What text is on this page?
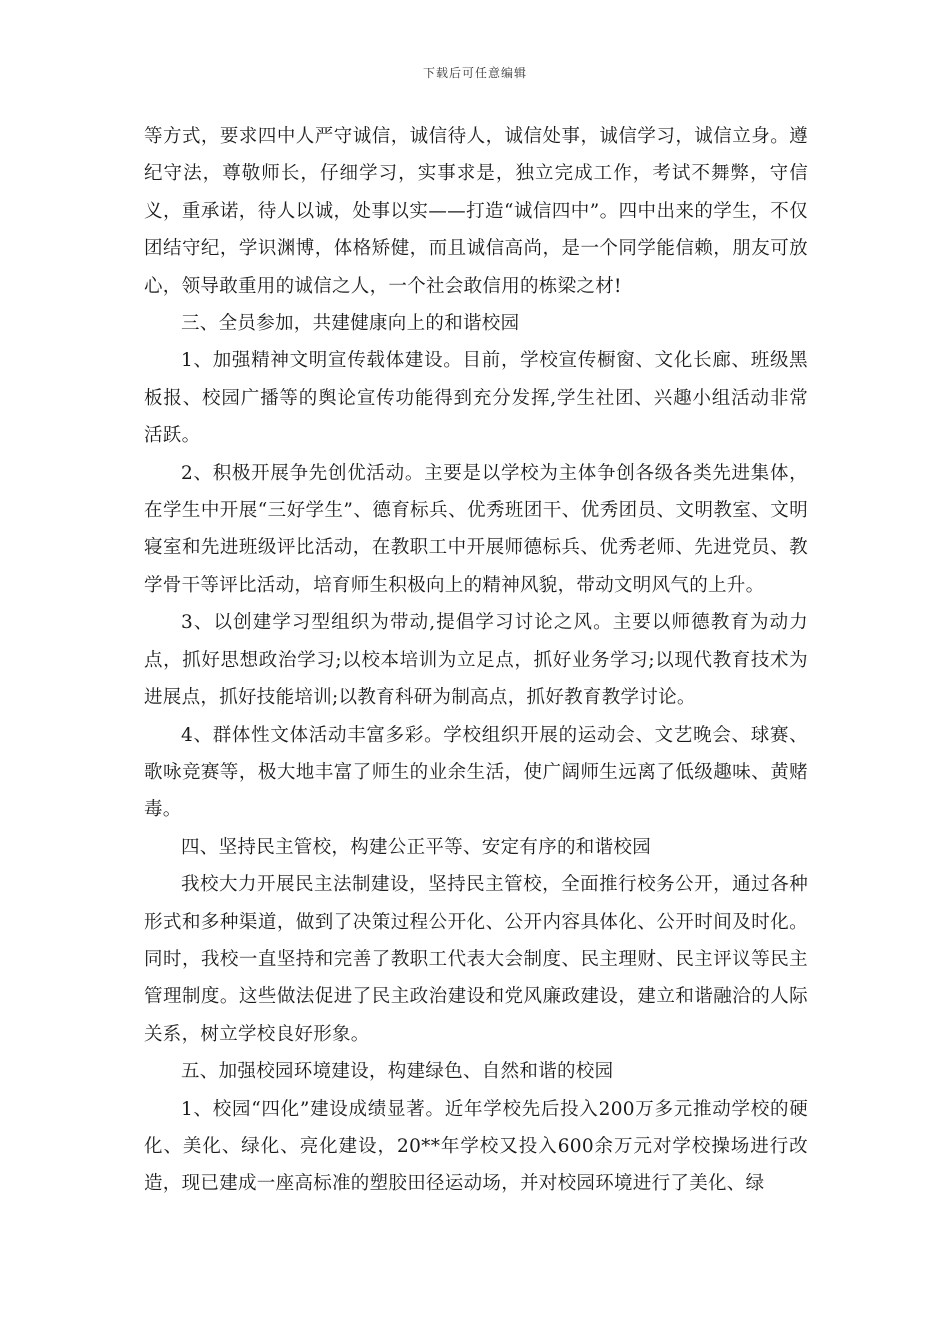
下载后可任意编辑

等方式，要求四中人严守诚信，诚信待人，诚信处事，诚信学习，诚信立身。遵纪守法，尊敬师长，仔细学习，实事求是，独立完成工作，考试不舞弊，守信义，重承诺，待人以诚，处事以实——打造“诚信四中”。四中出来的学生，不仅团结守纪，学识渊博，体格矫健，而且诚信高尚，是一个同学能信赖，朋友可放心，领导敢重用的诚信之人，一个社会敢信用的栋梁之材!

三、全员参加，共建健康向上的和谐校园

1、加强精神文明宣传载体建设。目前，学校宣传橱窗、文化长廊、班级黑板报、校园广播等的舆论宣传功能得到充分发挥,学生社团、兴趣小组活动非常活跃。

2、积极开展争先创优活动。主要是以学校为主体争创各级各类先进集体，在学生中开展“三好学生”、德育标兵、优秀班团干、优秀团员、文明教室、文明寝室和先进班级评比活动，在教职工中开展师德标兵、优秀老师、先进党员、教学骨干等评比活动，培育师生积极向上的精神风貌，带动文明风气的上升。

3、以创建学习型组织为带动,提倡学习讨论之风。主要以师德教育为动力点，抓好思想政治学习;以校本培训为立足点，抓好业务学习;以现代教育技术为进展点，抓好技能培训;以教育科研为制高点，抓好教育教学讨论。

4、群体性文体活动丰富多彩。学校组织开展的运动会、文艺晚会、球赛、歌咏竞赛等，极大地丰富了师生的业余生活，使广阔师生远离了低级趣味、黄赌毒。

四、坚持民主管校，构建公正平等、安定有序的和谐校园

我校大力开展民主法制建设，坚持民主管校，全面推行校务公开，通过各种形式和多种渠道，做到了决策过程公开化、公开内容具体化、公开时间及时化。同时，我校一直坚持和完善了教职工代表大会制度、民主理财、民主评议等民主管理制度。这些做法促进了民主政治建设和党风廉政建设，建立和谐融洽的人际关系，树立学校良好形象。

五、加强校园环境建设，构建绿色、自然和谐的校园

1、校园“四化”建设成绩显著。近年学校先后投入200万多元推动学校的硬化、美化、绿化、亮化建设，20**年学校又投入600余万元对学校操场进行改造，现已建成一座高标准的塑胶田径运动场，并对校园环境进行了美化、绿
